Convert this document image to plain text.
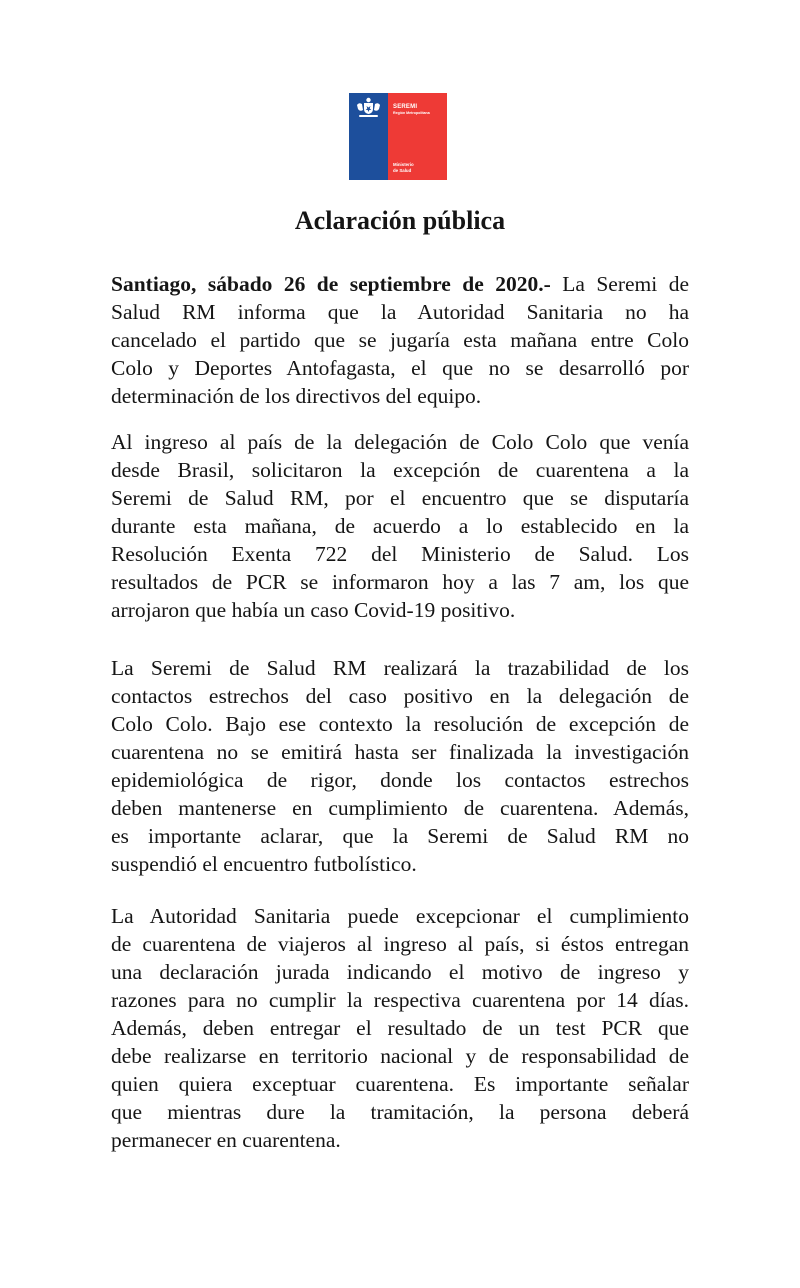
SEREMI
Región Metropolitana
Ministerio
de Salud
Aclaración pública
Santiago, sábado 26 de septiembre de 2020.- La Seremi de
Salud RM informa que la Autoridad Sanitaria no ha
cancelado el partido que se jugaría esta mañana entre Colo
Colo y Deportes Antofagasta, el que no se desarrolló por
determinación de los directivos del equipo.
Al ingreso al país de la delegación de Colo Colo que venía
desde Brasil, solicitaron la excepción de cuarentena a la
Seremi de Salud RM, por el encuentro que se disputaría
durante esta mañana, de acuerdo a lo establecido en la
Resolución Exenta 722 del Ministerio de Salud. Los
resultados de PCR se informaron hoy a las 7 am, los que
arrojaron que había un caso Covid-19 positivo.
La Seremi de Salud RM realizará la trazabilidad de los
contactos estrechos del caso positivo en la delegación de
Colo Colo. Bajo ese contexto la resolución de excepción de
cuarentena no se emitirá hasta ser finalizada la investigación
epidemiológica de rigor, donde los contactos estrechos
deben mantenerse en cumplimiento de cuarentena. Además,
es importante aclarar, que la Seremi de Salud RM no
suspendió el encuentro futbolístico.
La Autoridad Sanitaria puede excepcionar el cumplimiento
de cuarentena de viajeros al ingreso al país, si éstos entregan
una declaración jurada indicando el motivo de ingreso y
razones para no cumplir la respectiva cuarentena por 14 días.
Además, deben entregar el resultado de un test PCR que
debe realizarse en territorio nacional y de responsabilidad de
quien quiera exceptuar cuarentena. Es importante señalar
que mientras dure la tramitación, la persona deberá
permanecer en cuarentena.
